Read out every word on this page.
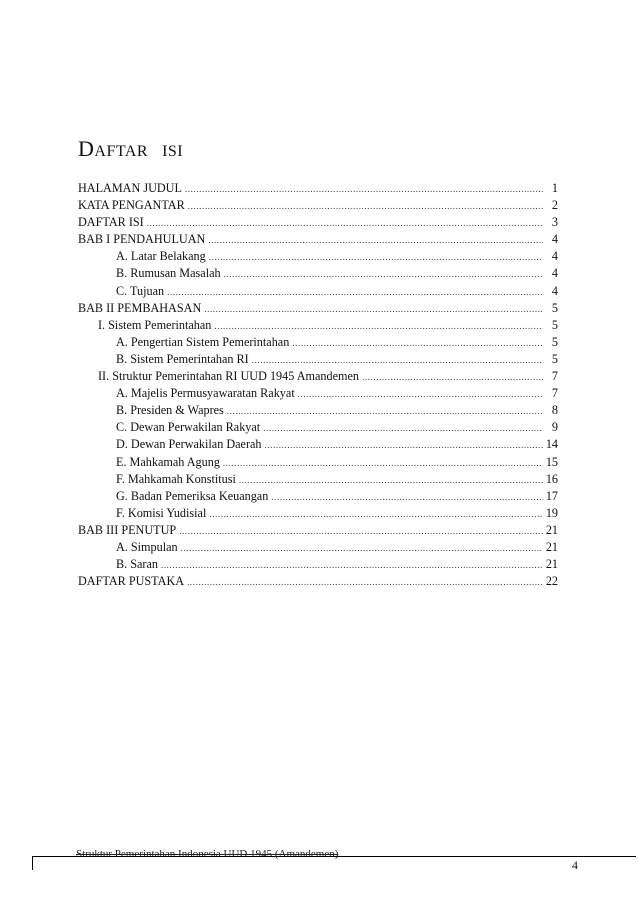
DAFTAR ISI
HALAMAN JUDUL .....	1
KATA PENGANTAR .....	2
DAFTAR ISI .....	3
BAB I PENDAHULUAN .....	4
A. Latar Belakang .....	4
B. Rumusan Masalah .....	4
C. Tujuan .....	4
BAB II PEMBAHASAN .....	5
I. Sistem Pemerintahan .....	5
A. Pengertian Sistem Pemerintahan .....	5
B. Sistem Pemerintahan RI .....	5
II. Struktur Pemerintahan RI UUD 1945 Amandemen .....	7
A. Majelis Permusyawaratan Rakyat .....	7
B. Presiden & Wapres .....	8
C. Dewan Perwakilan Rakyat .....	9
D. Dewan Perwakilan Daerah .....	14
E. Mahkamah Agung .....	15
F. Mahkamah Konstitusi .....	16
G. Badan Pemeriksa Keuangan .....	17
F. Komisi Yudisial .....	19
BAB III PENUTUP .....	21
A. Simpulan .....	21
B. Saran .....	21
DAFTAR PUSTAKA .....	22
Struktur Pemerintahan Indonesia UUD 1945 (Amandemen)
4
